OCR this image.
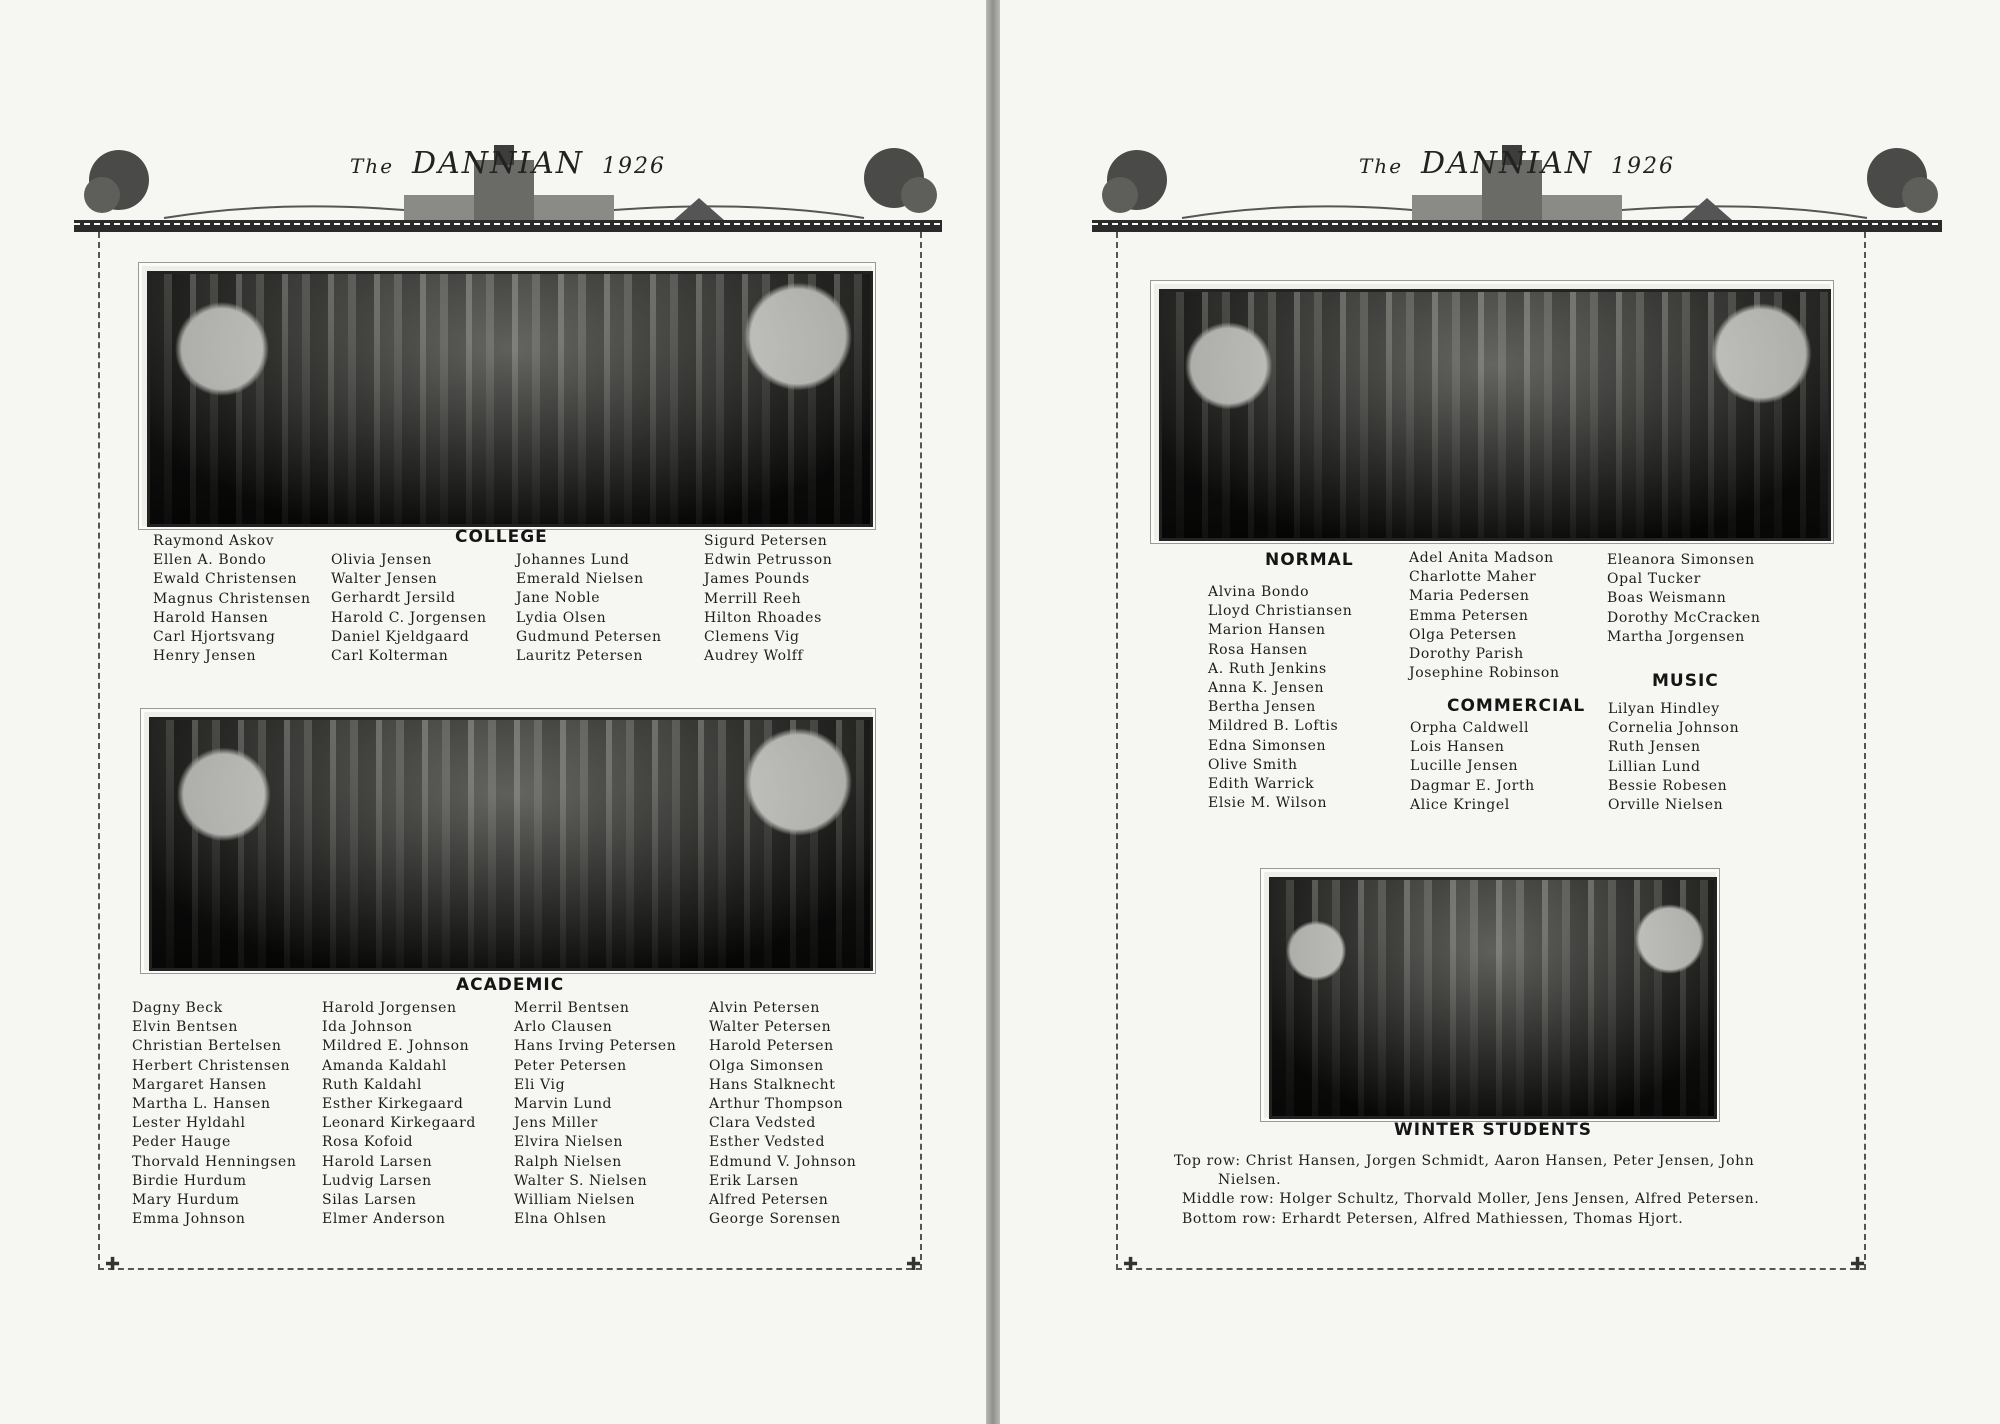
The DANNIAN 1926
✚	✚
COLLEGE
Raymond Askov
Ellen A. Bondo
Ewald Christensen
Magnus Christensen
Harold Hansen
Carl Hjortsvang
Henry Jensen
Olivia Jensen
Walter Jensen
Gerhardt Jersild
Harold C. Jorgensen
Daniel Kjeldgaard
Carl Kolterman
Johannes Lund
Emerald Nielsen
Jane Noble
Lydia Olsen
Gudmund Petersen
Lauritz Petersen
Sigurd Petersen
Edwin Petrusson
James Pounds
Merrill Reeh
Hilton Rhoades
Clemens Vig
Audrey Wolff
ACADEMIC
Dagny Beck
Elvin Bentsen
Christian Bertelsen
Herbert Christensen
Margaret Hansen
Martha L. Hansen
Lester Hyldahl
Peder Hauge
Thorvald Henningsen
Birdie Hurdum
Mary Hurdum
Emma Johnson
Harold Jorgensen
Ida Johnson
Mildred E. Johnson
Amanda Kaldahl
Ruth Kaldahl
Esther Kirkegaard
Leonard Kirkegaard
Rosa Kofoid
Harold Larsen
Ludvig Larsen
Silas Larsen
Elmer Anderson
Merril Bentsen
Arlo Clausen
Hans Irving Petersen
Peter Petersen
Eli Vig
Marvin Lund
Jens Miller
Elvira Nielsen
Ralph Nielsen
Walter S. Nielsen
William Nielsen
Elna Ohlsen
Alvin Petersen
Walter Petersen
Harold Petersen
Olga Simonsen
Hans Stalknecht
Arthur Thompson
Clara Vedsted
Esther Vedsted
Edmund V. Johnson
Erik Larsen
Alfred Petersen
George Sorensen
The DANNIAN 1926
✚	✚
NORMAL
Alvina Bondo
Lloyd Christiansen
Marion Hansen
Rosa Hansen
A. Ruth Jenkins
Anna K. Jensen
Bertha Jensen
Mildred B. Loftis
Edna Simonsen
Olive Smith
Edith Warrick
Elsie M. Wilson
Adel Anita Madson
Charlotte Maher
Maria Pedersen
Emma Petersen
Olga Petersen
Dorothy Parish
Josephine Robinson
Eleanora Simonsen
Opal Tucker
Boas Weismann
Dorothy McCracken
Martha Jorgensen
COMMERCIAL
Orpha Caldwell
Lois Hansen
Lucille Jensen
Dagmar E. Jorth
Alice Kringel
MUSIC
Lilyan Hindley
Cornelia Johnson
Ruth Jensen
Lillian Lund
Bessie Robesen
Orville Nielsen
WINTER STUDENTS
Top row: Christ Hansen, Jorgen Schmidt, Aaron Hansen, Peter Jensen, John
Nielsen.
Middle row: Holger Schultz, Thorvald Moller, Jens Jensen, Alfred Petersen.
Bottom row: Erhardt Petersen, Alfred Mathiessen, Thomas Hjort.
